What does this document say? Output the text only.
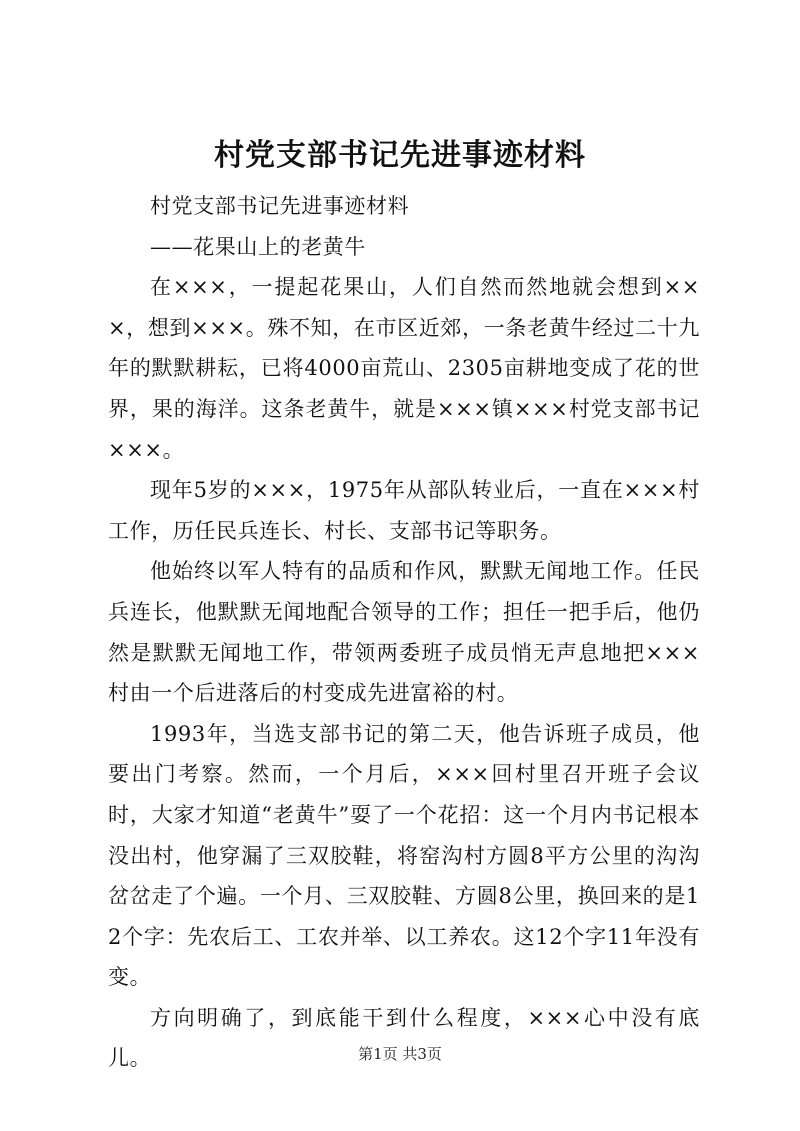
村党支部书记先进事迹材料

村党支部书记先进事迹材料

——花果山上的老黄牛

在×××，一提起花果山，人们自然而然地就会想到×××，想到×××。殊不知，在市区近郊，一条老黄牛经过二十九年的默默耕耘，已将4000亩荒山、2305亩耕地变成了花的世界，果的海洋。这条老黄牛，就是×××镇×××村党支部书记×××。

现年5岁的×××，1975年从部队转业后，一直在×××村工作，历任民兵连长、村长、支部书记等职务。

他始终以军人特有的品质和作风，默默无闻地工作。任民兵连长，他默默无闻地配合领导的工作；担任一把手后，他仍然是默默无闻地工作，带领两委班子成员悄无声息地把×××村由一个后进落后的村变成先进富裕的村。

1993年，当选支部书记的第二天，他告诉班子成员，他要出门考察。然而，一个月后，×××回村里召开班子会议时，大家才知道“老黄牛”耍了一个花招：这一个月内书记根本没出村，他穿漏了三双胶鞋，将窑沟村方圆8平方公里的沟沟岔岔走了个遍。一个月、三双胶鞋、方圆8公里，换回来的是12个字：先农后工、工农并举、以工养农。这12个字11年没有变。

方向明确了，到底能干到什么程度，×××心中没有底儿。	第1页 共3页
